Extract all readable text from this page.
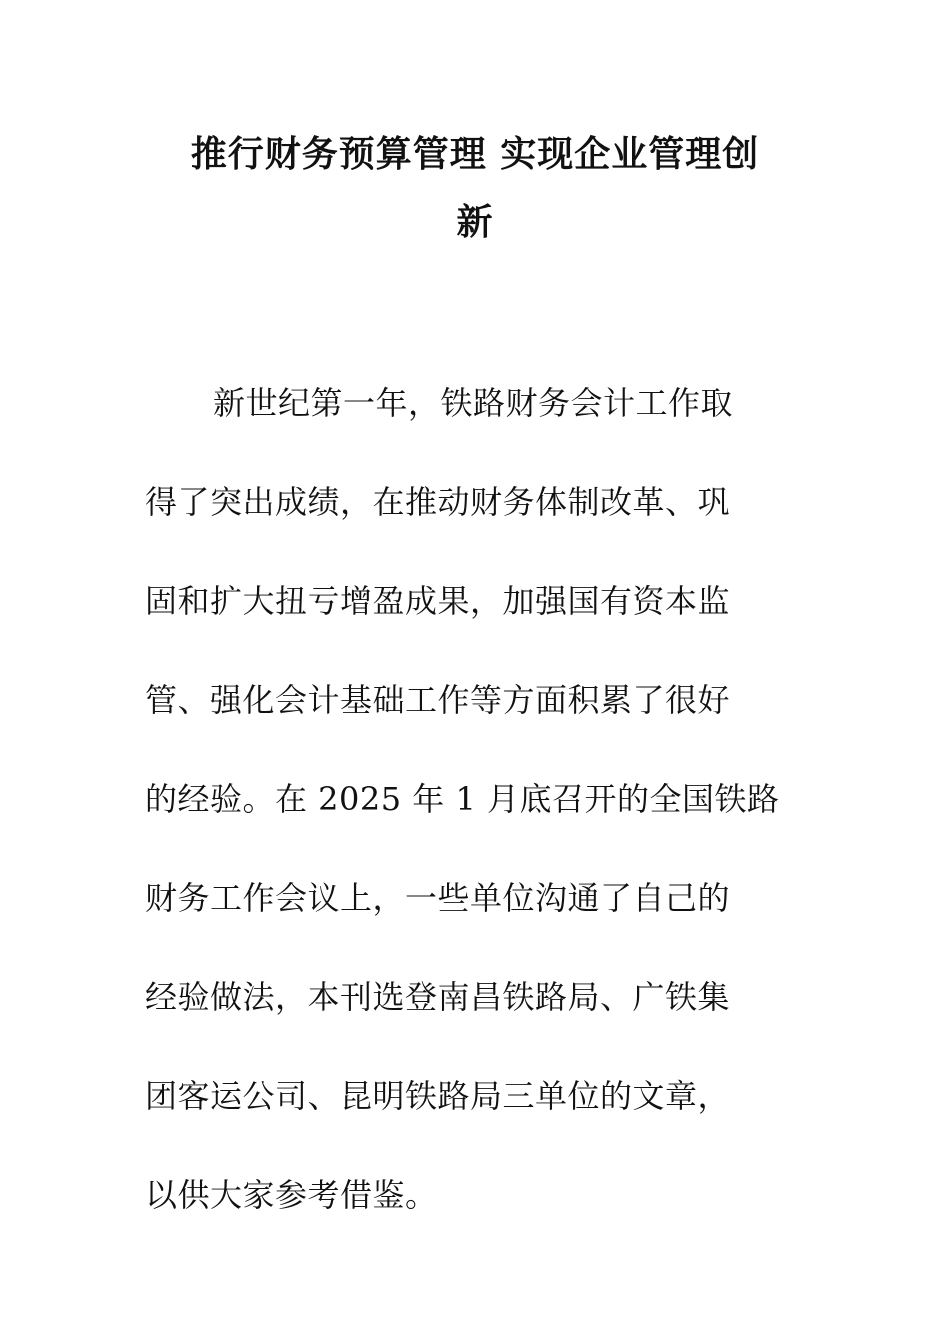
推行财务预算管理 实现企业管理创
新
新世纪第一年，铁路财务会计工作取
得了突出成绩，在推动财务体制改革、巩
固和扩大扭亏增盈成果，加强国有资本监
管、强化会计基础工作等方面积累了很好
的经验。在 2025 年 1 月底召开的全国铁路
财务工作会议上，一些单位沟通了自己的
经验做法，本刊选登南昌铁路局、广铁集
团客运公司、昆明铁路局三单位的文章，
以供大家参考借鉴。
